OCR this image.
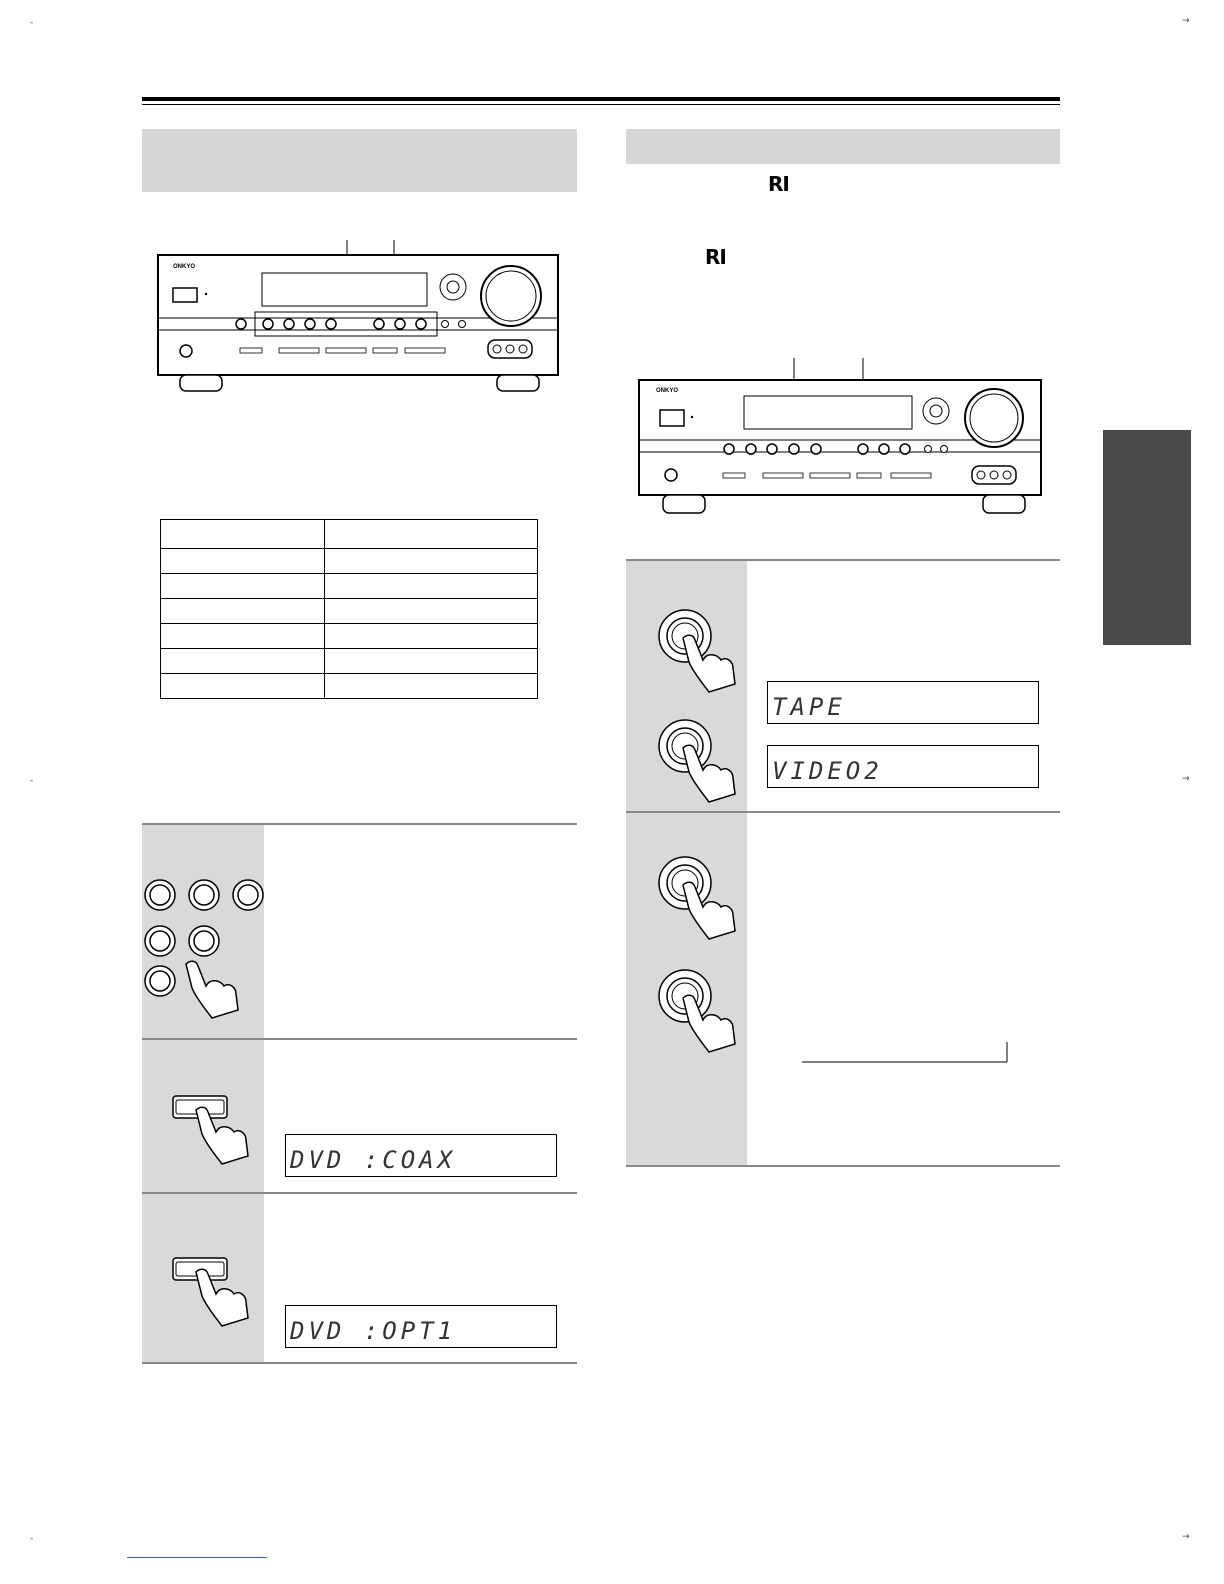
-	→
-	→
-	→
RI
RI
ONKYO
ONKYO

DVD :COAX
DVD :OPT1
TAPE
VIDEO2
